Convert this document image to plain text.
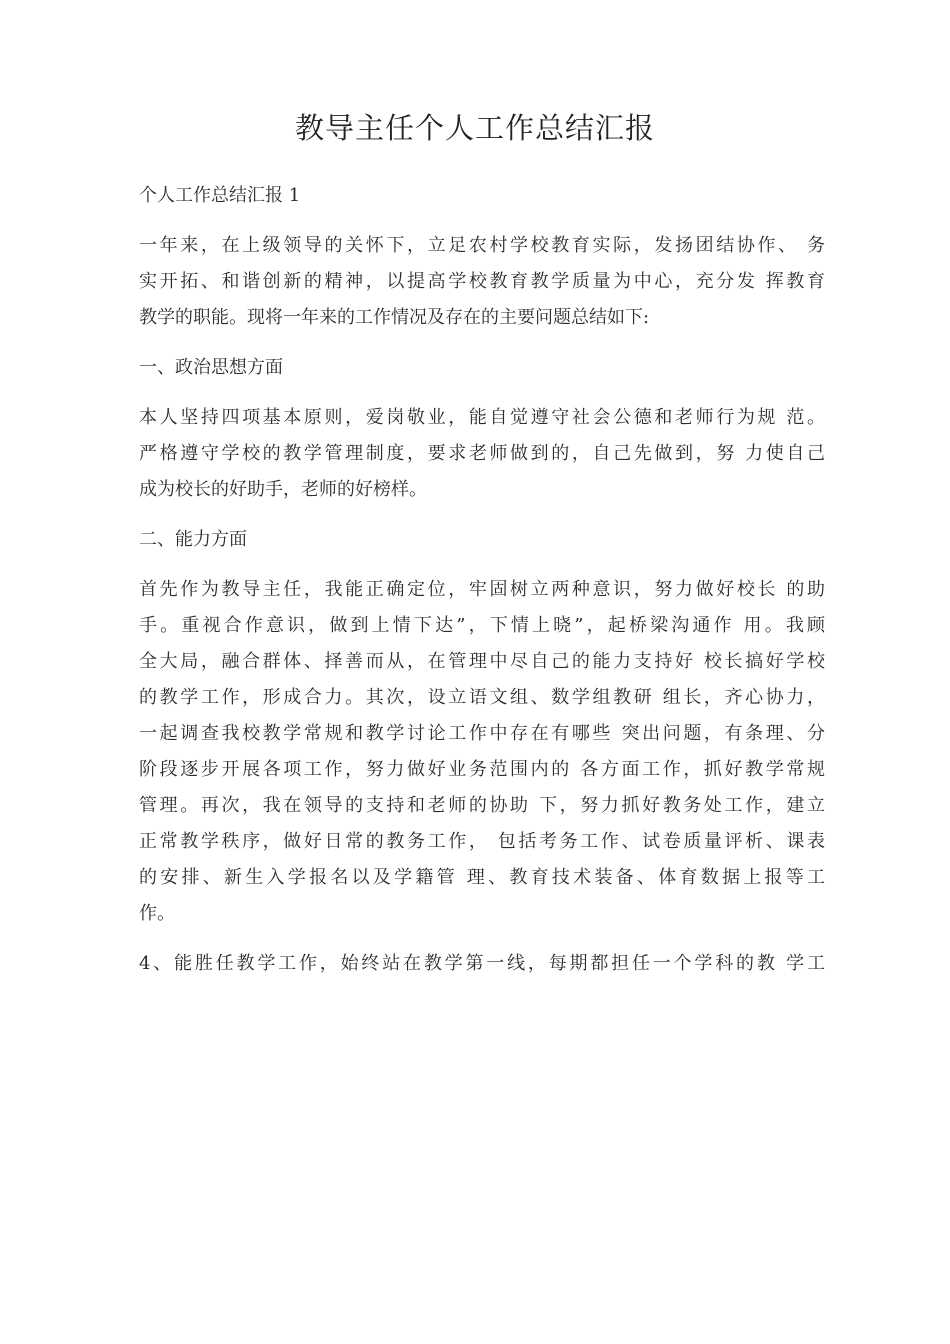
教导主任个人工作总结汇报
个人工作总结汇报 1
一年来，在上级领导的关怀下，立足农村学校教育实际，发扬团结协作、 务
实开拓、和谐创新的精神，以提高学校教育教学质量为中心，充分发 挥教育
教学的职能。现将一年来的工作情况及存在的主要问题总结如下:
一、政治思想方面
本人坚持四项基本原则，爱岗敬业，能自觉遵守社会公德和老师行为规 范。
严格遵守学校的教学管理制度，要求老师做到的，自己先做到，努 力使自己
成为校长的好助手，老师的好榜样。
二、能力方面
首先作为教导主任，我能正确定位，牢固树立两种意识，努力做好校长 的助
手。重视合作意识，做到上情下达”，下情上晓”，起桥梁沟通作 用。我顾
全大局，融合群体、择善而从，在管理中尽自己的能力支持好 校长搞好学校
的教学工作，形成合力。其次，设立语文组、数学组教研 组长，齐心协力，
一起调查我校教学常规和教学讨论工作中存在有哪些 突出问题，有条理、分
阶段逐步开展各项工作，努力做好业务范围内的 各方面工作，抓好教学常规
管理。再次，我在领导的支持和老师的协助 下，努力抓好教务处工作，建立
正常教学秩序，做好日常的教务工作， 包括考务工作、试卷质量评析、课表
的安排、新生入学报名以及学籍管 理、教育技术装备、体育数据上报等工
作。
4、能胜任教学工作，始终站在教学第一线，每期都担任一个学科的教 学工
